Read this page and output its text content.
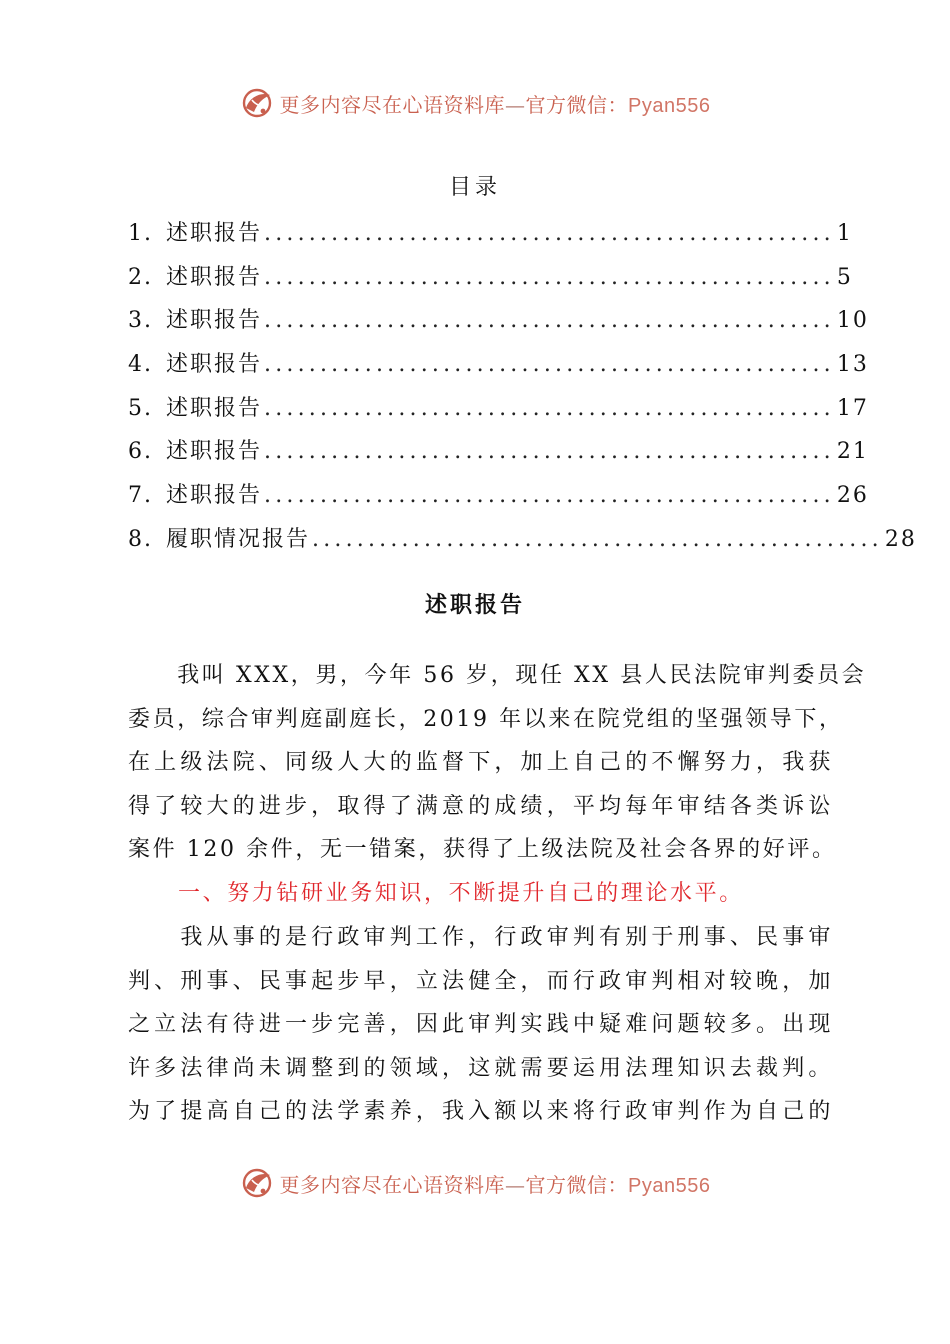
更多内容尽在心语资料库—官方微信：Pyan556
目录
1. 述职报告 ................................................... 1
2. 述职报告 ................................................... 5
3. 述职报告 ................................................... 10
4. 述职报告 ................................................... 13
5. 述职报告 ................................................... 17
6. 述职报告 ................................................... 21
7. 述职报告 ................................................... 26
8. 履职情况报告 ................................................... 28
述职报告
　　我叫 XXX，男，今年 56 岁，现任 XX 县人民法院审判委员会
委员，综合审判庭副庭长，2019 年以来在院党组的坚强领导下，
在上级法院、同级人大的监督下，加上自己的不懈努力，我获
得了较大的进步，取得了满意的成绩，平均每年审结各类诉讼
案件 120 余件，无一错案，获得了上级法院及社会各界的好评。
一、努力钻研业务知识，不断提升自己的理论水平。
　　我从事的是行政审判工作，行政审判有别于刑事、民事审
判、刑事、民事起步早，立法健全，而行政审判相对较晚，加
之立法有待进一步完善，因此审判实践中疑难问题较多。出现
许多法律尚未调整到的领域，这就需要运用法理知识去裁判。
为了提高自己的法学素养，我入额以来将行政审判作为自己的
更多内容尽在心语资料库—官方微信：Pyan556
